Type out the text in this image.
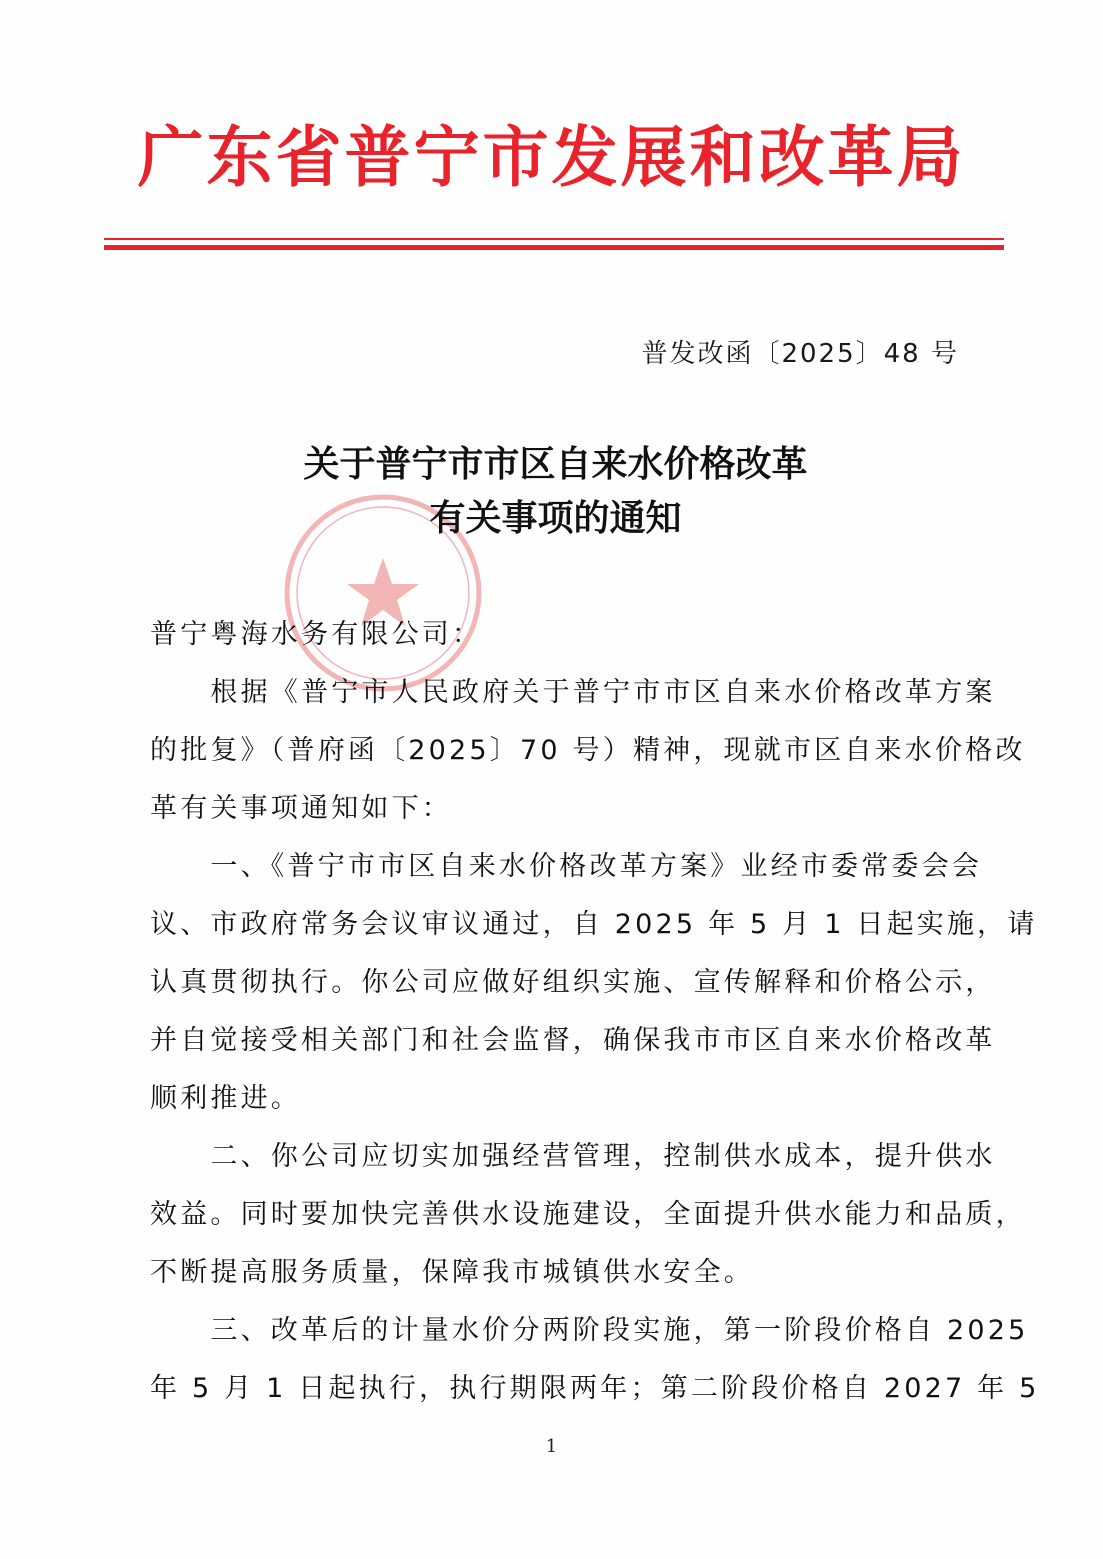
广东省普宁市发展和改革局
普发改函〔2025〕48 号
关于普宁市市区自来水价格改革
有关事项的通知
普宁粤海水务有限公司：
　　根据《普宁市人民政府关于普宁市市区自来水价格改革方案
的批复》（普府函〔2025〕70 号）精神，现就市区自来水价格改
革有关事项通知如下：
　　一、《普宁市市区自来水价格改革方案》业经市委常委会会
议、市政府常务会议审议通过，自 2025 年 5 月 1 日起实施，请
认真贯彻执行。你公司应做好组织实施、宣传解释和价格公示，
并自觉接受相关部门和社会监督，确保我市市区自来水价格改革
顺利推进。
　　二、你公司应切实加强经营管理，控制供水成本，提升供水
效益。同时要加快完善供水设施建设，全面提升供水能力和品质，
不断提高服务质量，保障我市城镇供水安全。
　　三、改革后的计量水价分两阶段实施，第一阶段价格自 2025
年 5 月 1 日起执行，执行期限两年；第二阶段价格自 2027 年 5
1
